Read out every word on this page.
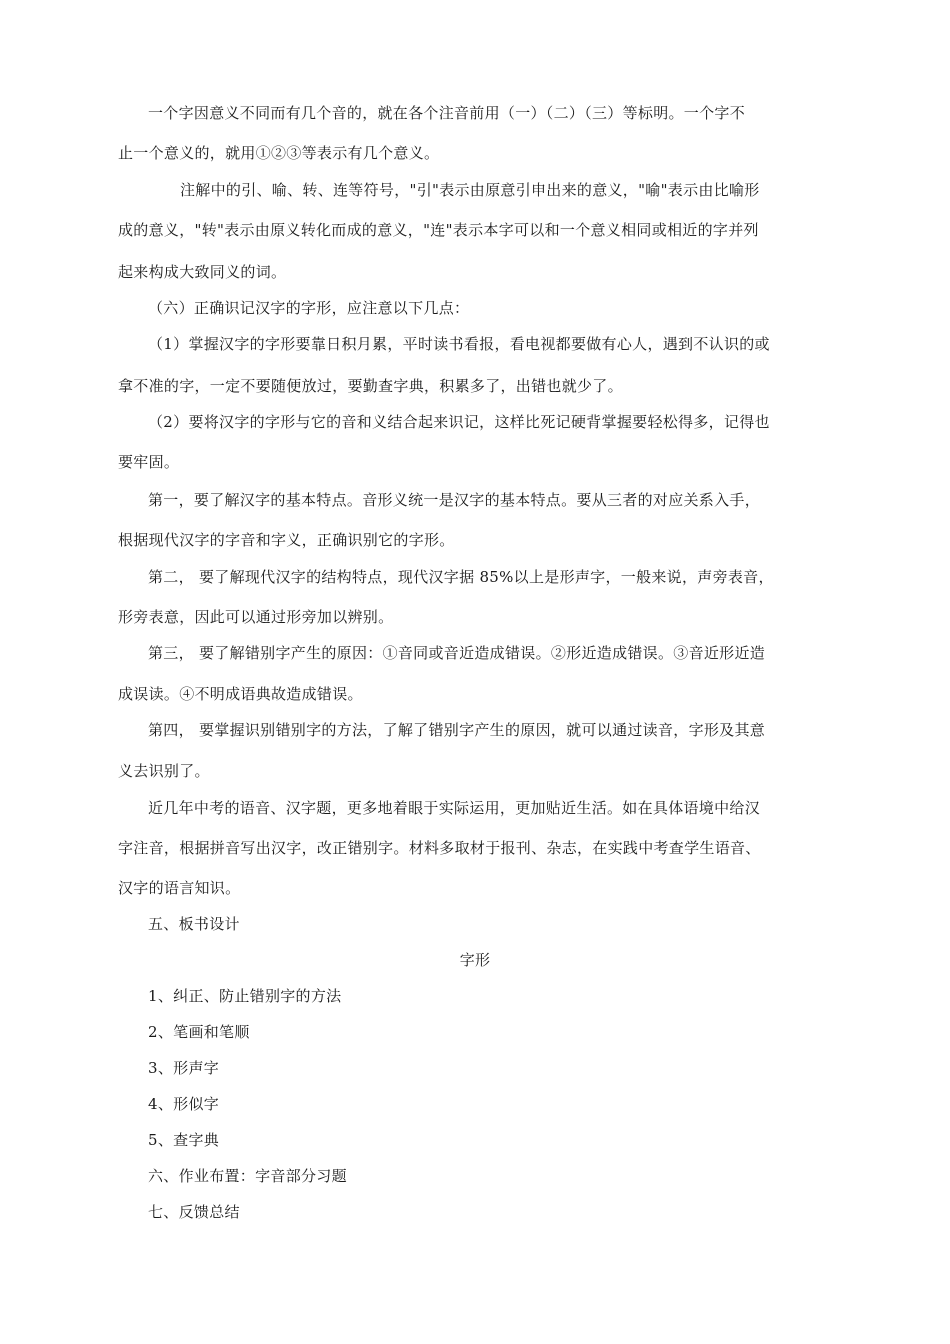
一个字因意义不同而有几个音的，就在各个注音前用（一）（二）（三）等标明。一个字不
止一个意义的，就用①②③等表示有几个意义。
注解中的引、喻、转、连等符号，"引"表示由原意引申出来的意义，"喻"表示由比喻形
成的意义，"转"表示由原义转化而成的意义，"连"表示本字可以和一个意义相同或相近的字并列
起来构成大致同义的词。
（六）正确识记汉字的字形，应注意以下几点：
（1）掌握汉字的字形要靠日积月累，平时读书看报，看电视都要做有心人，遇到不认识的或
拿不准的字，一定不要随便放过，要勤查字典，积累多了，出错也就少了。
（2）要将汉字的字形与它的音和义结合起来识记，这样比死记硬背掌握要轻松得多，记得也
要牢固。
第一，要了解汉字的基本特点。音形义统一是汉字的基本特点。要从三者的对应关系入手，
根据现代汉字的字音和字义，正确识别它的字形。
第二， 要了解现代汉字的结构特点，现代汉字据 85%以上是形声字，一般来说，声旁表音，
形旁表意，因此可以通过形旁加以辨别。
第三， 要了解错别字产生的原因：①音同或音近造成错误。②形近造成错误。③音近形近造
成误读。④不明成语典故造成错误。
第四， 要掌握识别错别字的方法，了解了错别字产生的原因，就可以通过读音，字形及其意
义去识别了。
近几年中考的语音、汉字题，更多地着眼于实际运用，更加贴近生活。如在具体语境中给汉
字注音，根据拼音写出汉字，改正错别字。材料多取材于报刊、杂志，在实践中考查学生语音、
汉字的语言知识。
五、板书设计
字形
1、纠正、防止错别字的方法
2、笔画和笔顺
3、形声字
4、形似字
5、查字典
六、作业布置：字音部分习题
七、反馈总结
